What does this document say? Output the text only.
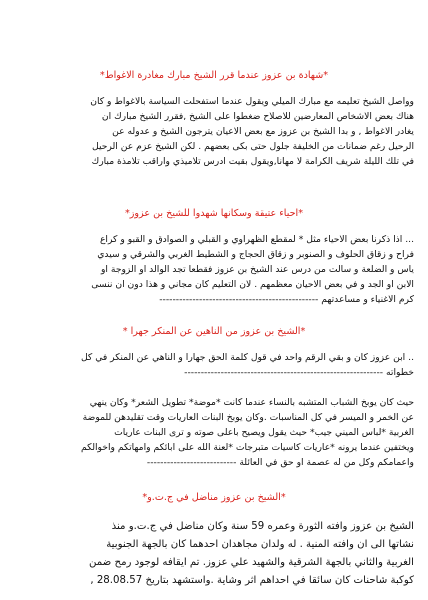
*شهادة بن عزوز عندما قرر الشيخ مبارك مغادرة الاغواط*
وواصل الشيخ تعليمه مع مبارك الميلي ويقول عندما استفحلت السياسة بالاغواط و كان
هناك بعض الاشخاص المعارضين للاصلاح ضغطوا على الشيخ ,فقرر الشيخ مبارك ان
يغادر الاغواط , و بدا الشيخ بن عزوز مع بعض الاعيان يترجون الشيخ و عدوله عن
الرحيل رغم ضمانات من الخليفة جلول حتى بكى بعضهم . لكن الشيخ عزم عن الرحيل
في تلك الليلة شريف الكرامة لا مهانا,ويقول بقيت ادرس تلاميذي واراقب تلامذة مبارك
*احياء عتيقة وسكانها شهدوا للشيخ بن عزوز*
... اذا ذكرنا بعض الاحياء مثل * لمقطع الظهراوي و القبلي و الصوادق و القبو و كراع
فراح و زقاق الحلوف و الصنوبر و زقاق الحجاج و الشطيط الغربي والشرقي و سيدي
ياس و الضلعة و سالت من درس عند الشيخ بن عزوز فقطعا تجد الوالد او الزوجة او
الابن او الجد و في بعض الاحيان معظمهم . لان التعليم كان مجاني و هذا دون ان ننسى
كرم الاغنياء و مساعدتهم ------------------------------------------------
*الشيخ بن عزوز من الناهين عن المنكر جهرا *
.. ابن عزوز كان و بقي الرقم واحد في قول كلمة الحق جهارا و الناهي عن المنكر في كل
خطواته ------------------------------------------------------------

حيث كان يوبخ الشباب المتشبه بالنساء عندما كانت *موضة* تطويل الشعر* وكان ينهي
عن الخمر و الميسر في كل المناسبات .وكان يوبخ البنات العاريات وقت تقليدهن للموضة
الغربية *لباس الميني جيب* حيث يقول ويصيح باعلى صوته و ترى البنات عاريات
ويختفين عندما يرونه *عاريات كاسيات متبرجات *لعنة الله على ابائكم وامهاتكم واخوالكم
واعمامكم وكل من له عصمة او حق في العائلة ---------------------------
*الشيخ بن عزوز مناضل في ج.ت.و*
الشيخ بن عزوز وافته الثورة وعمره 59 سنة وكان مناضل في ج.ت.و منذ
نشاتها الى ان وافته المنية . له ولدان مجاهدان احدهما كان بالجهة الجنوبية
الغربية والثاني بالجهة الشرقية والشهيد علي عزوز. تم ايقافه لوجود رمح ضمن
كوكبة شاحنات كان سائقا في احداهم اثر وشاية .واستشهد بتاريخ 28.08.57 ,
